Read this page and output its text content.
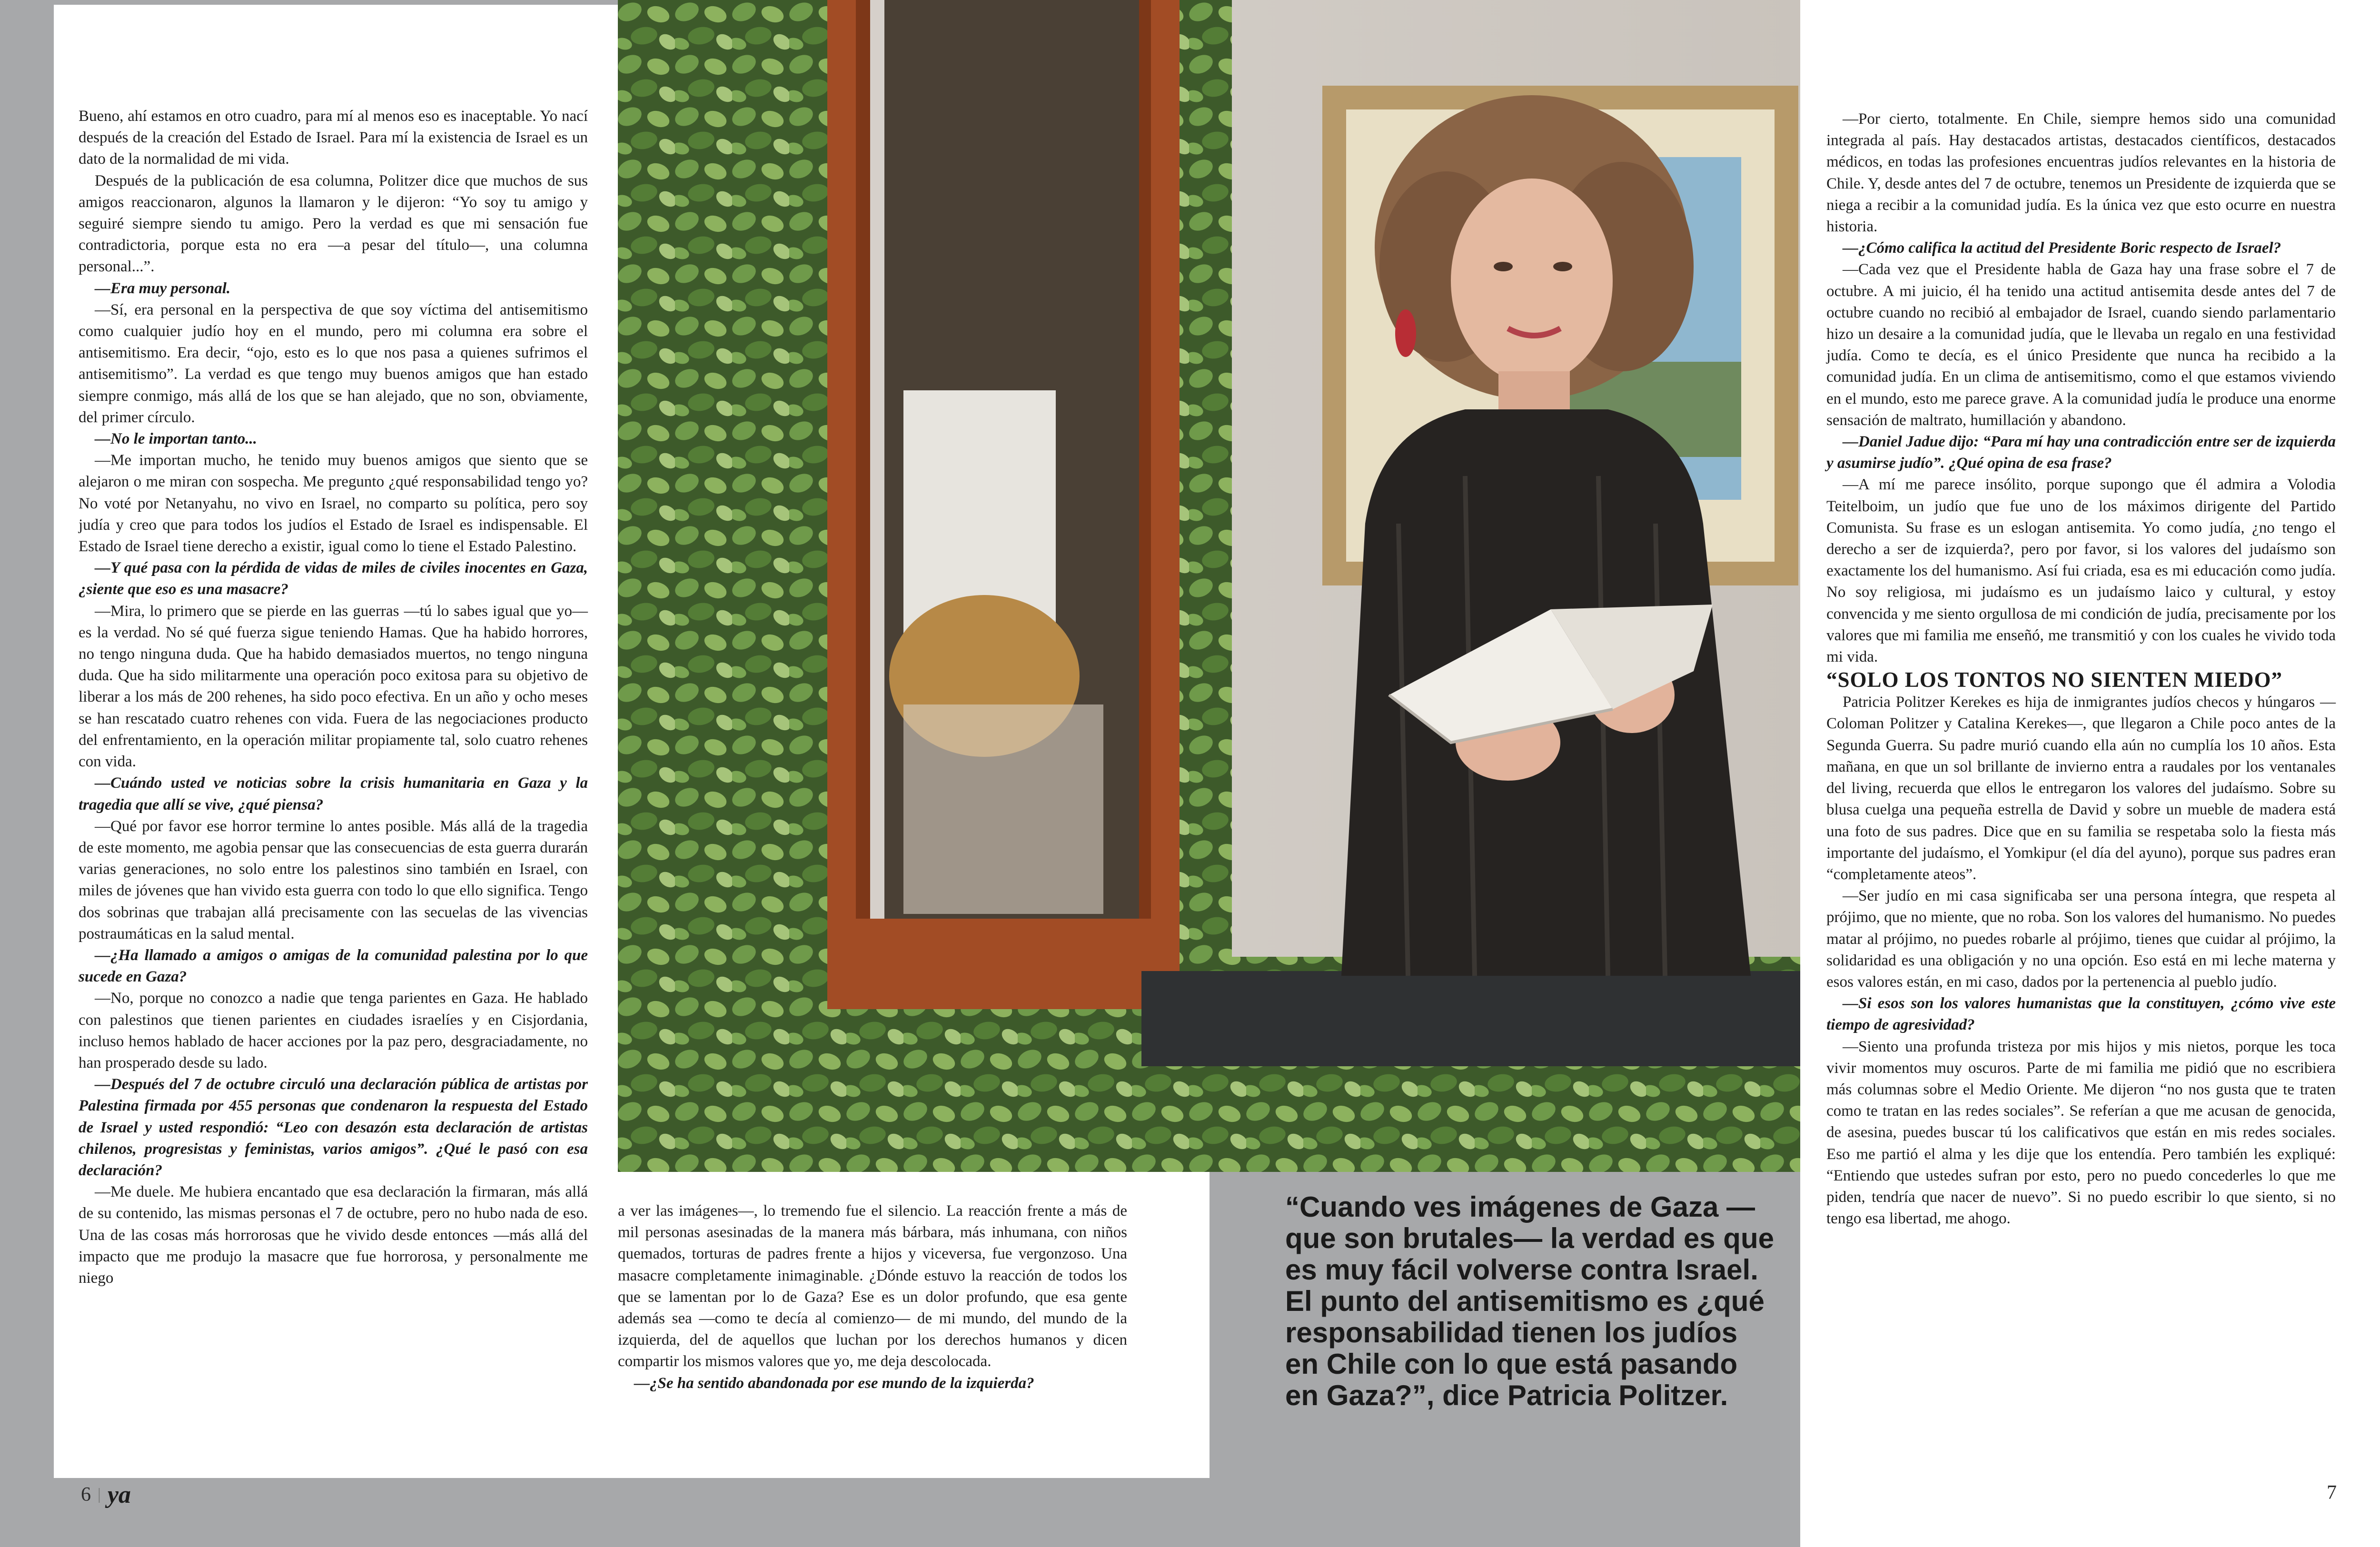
Bueno, ahí estamos en otro cuadro, para mí al menos eso es inaceptable. Yo nací después de la creación del Estado de Israel. Para mí la existencia de Israel es un dato de la normalidad de mi vida.

Después de la publicación de esa columna, Politzer dice que muchos de sus amigos reaccionaron, algunos la llamaron y le dijeron: “Yo soy tu amigo y seguiré siempre siendo tu amigo. Pero la verdad es que mi sensación fue contradictoria, porque esta no era —a pesar del título—, una columna personal...”.

—Era muy personal.

—Sí, era personal en la perspectiva de que soy víctima del antisemitismo como cualquier judío hoy en el mundo, pero mi columna era sobre el antisemitismo. Era decir, “ojo, esto es lo que nos pasa a quienes sufrimos el antisemitismo”. La verdad es que tengo muy buenos amigos que han estado siempre conmigo, más allá de los que se han alejado, que no son, obviamente, del primer círculo.

—No le importan tanto...

—Me importan mucho, he tenido muy buenos amigos que siento que se alejaron o me miran con sospecha. Me pregunto ¿qué responsabilidad tengo yo? No voté por Netanyahu, no vivo en Israel, no comparto su política, pero soy judía y creo que para todos los judíos el Estado de Israel es indispensable. El Estado de Israel tiene derecho a existir, igual como lo tiene el Estado Palestino.

—Y qué pasa con la pérdida de vidas de miles de civiles inocentes en Gaza, ¿siente que eso es una masacre?

—Mira, lo primero que se pierde en las guerras —tú lo sabes igual que yo— es la verdad. No sé qué fuerza sigue teniendo Hamas. Que ha habido horrores, no tengo ninguna duda. Que ha habido demasiados muertos, no tengo ninguna duda. Que ha sido militarmente una operación poco exitosa para su objetivo de liberar a los más de 200 rehenes, ha sido poco efectiva. En un año y ocho meses se han rescatado cuatro rehenes con vida. Fuera de las negociaciones producto del enfrentamiento, en la operación militar propiamente tal, solo cuatro rehenes con vida.

—Cuándo usted ve noticias sobre la crisis humanitaria en Gaza y la tragedia que allí se vive, ¿qué piensa?

—Qué por favor ese horror termine lo antes posible. Más allá de la tragedia de este momento, me agobia pensar que las consecuencias de esta guerra durarán varias generaciones, no solo entre los palestinos sino también en Israel, con miles de jóvenes que han vivido esta guerra con todo lo que ello significa. Tengo dos sobrinas que trabajan allá precisamente con las secuelas de las vivencias postraumáticas en la salud mental.

—¿Ha llamado a amigos o amigas de la comunidad palestina por lo que sucede en Gaza?

—No, porque no conozco a nadie que tenga parientes en Gaza. He hablado con palestinos que tienen parientes en ciudades israelíes y en Cisjordania, incluso hemos hablado de hacer acciones por la paz pero, desgraciadamente, no han prosperado desde su lado.

—Después del 7 de octubre circuló una declaración pública de artistas por Palestina firmada por 455 personas que condenaron la respuesta del Estado de Israel y usted respondió: “Leo con desazón esta declaración de artistas chilenos, progresistas y feministas, varios amigos”. ¿Qué le pasó con esa declaración?

—Me duele. Me hubiera encantado que esa declaración la firmaran, más allá de su contenido, las mismas personas el 7 de octubre, pero no hubo nada de eso. Una de las cosas más horrorosas que he vivido desde entonces —más allá del impacto que me produjo la masacre que fue horrorosa, y personalmente me niego

a ver las imágenes—, lo tremendo fue el silencio. La reacción frente a más de mil personas asesinadas de la manera más bárbara, más inhumana, con niños quemados, torturas de padres frente a hijos y viceversa, fue vergonzoso. Una masacre completamente inimaginable. ¿Dónde estuvo la reacción de todos los que se lamentan por lo de Gaza? Ese es un dolor profundo, que esa gente además sea —como te decía al comienzo— de mi mundo, del mundo de la izquierda, del de aquellos que luchan por los derechos humanos y dicen compartir los mismos valores que yo, me deja descolocada.

—¿Se ha sentido abandonada por ese mundo de la izquierda?

“Cuando ves imágenes de Gaza —que son brutales— la verdad es que es muy fácil volverse contra Israel. El punto del antisemitismo es ¿qué responsabilidad tienen los judíos en Chile con lo que está pasando en Gaza?”, dice Patricia Politzer.

—Por cierto, totalmente. En Chile, siempre hemos sido una comunidad integrada al país. Hay destacados artistas, destacados científicos, destacados médicos, en todas las profesiones encuentras judíos relevantes en la historia de Chile. Y, desde antes del 7 de octubre, tenemos un Presidente de izquierda que se niega a recibir a la comunidad judía. Es la única vez que esto ocurre en nuestra historia.

—¿Cómo califica la actitud del Presidente Boric respecto de Israel?

—Cada vez que el Presidente habla de Gaza hay una frase sobre el 7 de octubre. A mi juicio, él ha tenido una actitud antisemita desde antes del 7 de octubre cuando no recibió al embajador de Israel, cuando siendo parlamentario hizo un desaire a la comunidad judía, que le llevaba un regalo en una festividad judía. Como te decía, es el único Presidente que nunca ha recibido a la comunidad judía. En un clima de antisemitismo, como el que estamos viviendo en el mundo, esto me parece grave. A la comunidad judía le produce una enorme sensación de maltrato, humillación y abandono.

—Daniel Jadue dijo: “Para mí hay una contradicción entre ser de izquierda y asumirse judío”. ¿Qué opina de esa frase?

—A mí me parece insólito, porque supongo que él admira a Volodia Teitelboim, un judío que fue uno de los máximos dirigente del Partido Comunista. Su frase es un eslogan antisemita. Yo como judía, ¿no tengo el derecho a ser de izquierda?, pero por favor, si los valores del judaísmo son exactamente los del humanismo. Así fui criada, esa es mi educación como judía. No soy religiosa, mi judaísmo es un judaísmo laico y cultural, y estoy convencida y me siento orgullosa de mi condición de judía, precisamente por los valores que mi familia me enseñó, me transmitió y con los cuales he vivido toda mi vida.

“SOLO LOS TONTOS NO SIENTEN MIEDO”

Patricia Politzer Kerekes es hija de inmigrantes judíos checos y húngaros —Coloman Politzer y Catalina Kerekes—, que llegaron a Chile poco antes de la Segunda Guerra. Su padre murió cuando ella aún no cumplía los 10 años. Esta mañana, en que un sol brillante de invierno entra a raudales por los ventanales del living, recuerda que ellos le entregaron los valores del judaísmo. Sobre su blusa cuelga una pequeña estrella de David y sobre un mueble de madera está una foto de sus padres. Dice que en su familia se respetaba solo la fiesta más importante del judaísmo, el Yomkipur (el día del ayuno), porque sus padres eran “completamente ateos”.

—Ser judío en mi casa significaba ser una persona íntegra, que respeta al prójimo, que no miente, que no roba. Son los valores del humanismo. No puedes matar al prójimo, no puedes robarle al prójimo, tienes que cuidar al prójimo, la solidaridad es una obligación y no una opción. Eso está en mi leche materna y esos valores están, en mi caso, dados por la pertenencia al pueblo judío.

—Si esos son los valores humanistas que la constituyen, ¿cómo vive este tiempo de agresividad?

—Siento una profunda tristeza por mis hijos y mis nietos, porque les toca vivir momentos muy oscuros. Parte de mi familia me pidió que no escribiera más columnas sobre el Medio Oriente. Me dijeron “no nos gusta que te traten como te tratan en las redes sociales”. Se referían a que me acusan de genocida, de asesina, puedes buscar tú los calificativos que están en mis redes sociales. Eso me partió el alma y les dije que los entendía. Pero también les expliqué: “Entiendo que ustedes sufran por esto, pero no puedo concederles lo que me piden, tendría que nacer de nuevo”. Si no puedo escribir lo que siento, si no tengo esa libertad, me ahogo.

6 | ya	7
